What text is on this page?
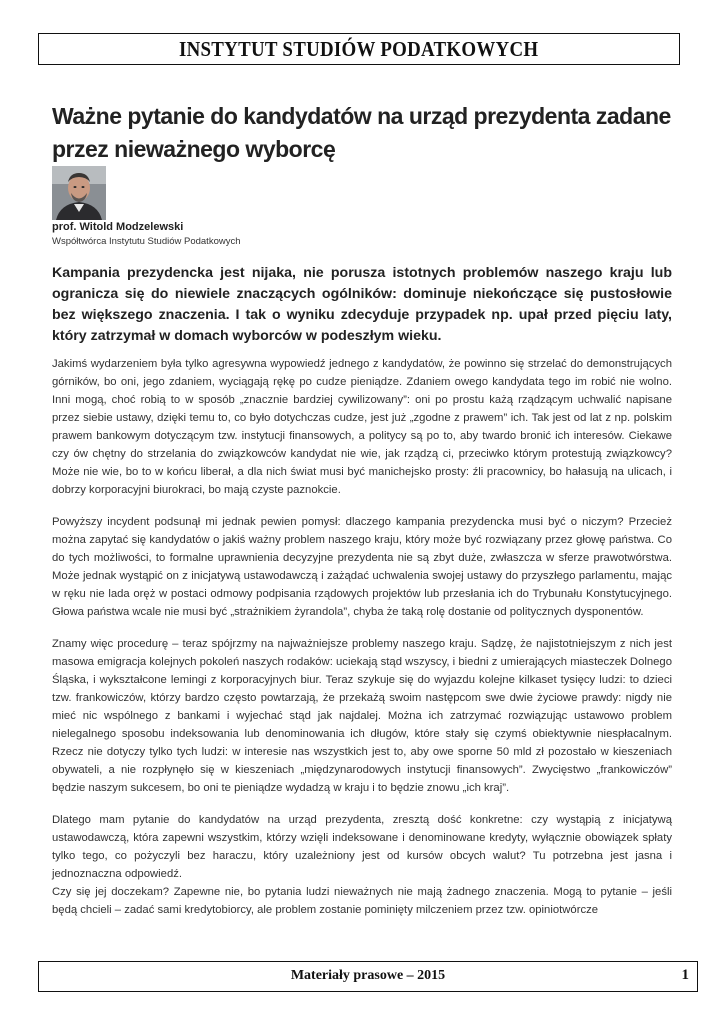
INSTYTUT STUDIÓW PODATKOWYCH
Ważne pytanie do kandydatów na urząd prezydenta zadane przez nieważnego wyborcę
prof. Witold Modzelewski
Współtwórca Instytutu Studiów Podatkowych
Kampania prezydencka jest nijaka, nie porusza istotnych problemów naszego kraju lub ogranicza się do niewiele znaczących ogólników: dominuje niekończące się pustosłowie bez większego znaczenia. I tak o wyniku zdecyduje przypadek np. upał przed pięciu laty, który zatrzymał w domach wyborców w podeszłym wieku.

Jakimś wydarzeniem była tylko agresywna wypowiedź jednego z kandydatów, że powinno się strzelać do demonstrujących górników, bo oni, jego zdaniem, wyciągają rękę po cudze pieniądze. Zdaniem owego kandydata tego im robić nie wolno. Inni mogą, choć robią to w sposób „znacznie bardziej cywilizowany”: oni po prostu każą rządzącym uchwalić napisane przez siebie ustawy, dzięki temu to, co było dotychczas cudze, jest już „zgodne z prawem” ich. Tak jest od lat z np. polskim prawem bankowym dotyczącym tzw. instytucji finansowych, a politycy są po to, aby twardo bronić ich interesów. Ciekawe czy ów chętny do strzelania do związkowców kandydat nie wie, jak rządzą ci, przeciwko którym protestują związkowcy? Może nie wie, bo to w końcu liberał, a dla nich świat musi być manichejsko prosty: źli pracownicy, bo hałasują na ulicach, i dobrzy korporacyjni biurokraci, bo mają czyste paznokcie.

Powyższy incydent podsunął mi jednak pewien pomysł: dlaczego kampania prezydencka musi być o niczym? Przecież można zapytać się kandydatów o jakiś ważny problem naszego kraju, który może być rozwiązany przez głowę państwa. Co do tych możliwości, to formalne uprawnienia decyzyjne prezydenta nie są zbyt duże, zwłaszcza w sferze prawotwórstwa. Może jednak wystąpić on z inicjatywą ustawodawczą i zażądać uchwalenia swojej ustawy do przyszłego parlamentu, mając w ręku nie lada oręż w postaci odmowy podpisania rządowych projektów lub przesłania ich do Trybunału Konstytucyjnego. Głowa państwa wcale nie musi być „strażnikiem żyrandola”, chyba że taką rolę dostanie od politycznych dysponentów.

Znamy więc procedurę – teraz spójrzmy na najważniejsze problemy naszego kraju. Sądzę, że najistotniejszym z nich jest masowa emigracja kolejnych pokoleń naszych rodaków: uciekają stąd wszyscy, i biedni z umierających miasteczek Dolnego Śląska, i wykształcone lemingi z korporacyjnych biur. Teraz szykuje się do wyjazdu kolejne kilkaset tysięcy ludzi: to dzieci tzw. frankowiczów, którzy bardzo często powtarzają, że przekażą swoim następcom swe dwie życiowe prawdy: nigdy nie mieć nic wspólnego z bankami i wyjechać stąd jak najdalej. Można ich zatrzymać rozwiązując ustawowo problem nielegalnego sposobu indeksowania lub denominowania ich długów, które stały się czymś obiektywnie niespłacalnym. Rzecz nie dotyczy tylko tych ludzi: w interesie nas wszystkich jest to, aby owe sporne 50 mld zł pozostało w kieszeniach obywateli, a nie rozpłynęło się w kieszeniach „międzynarodowych instytucji finansowych”. Zwycięstwo „frankowiczów” będzie naszym sukcesem, bo oni te pieniądze wydadzą w kraju i to będzie znowu „ich kraj”.

Dlatego mam pytanie do kandydatów na urząd prezydenta, zresztą dość konkretne: czy wystąpią z inicjatywą ustawodawczą, która zapewni wszystkim, którzy wzięli indeksowane i denominowane kredyty, wyłącznie obowiązek spłaty tylko tego, co pożyczyli bez haraczu, który uzależniony jest od kursów obcych walut? Tu potrzebna jest jasna i jednoznaczna odpowiedź.

Czy się jej doczekam? Zapewne nie, bo pytania ludzi nieważnych nie mają żadnego znaczenia. Mogą to pytanie – jeśli będą chcieli – zadać sami kredytobiorcy, ale problem zostanie pominięty milczeniem przez tzw. opiniotwórcze

Materiały prasowe – 2015	1
